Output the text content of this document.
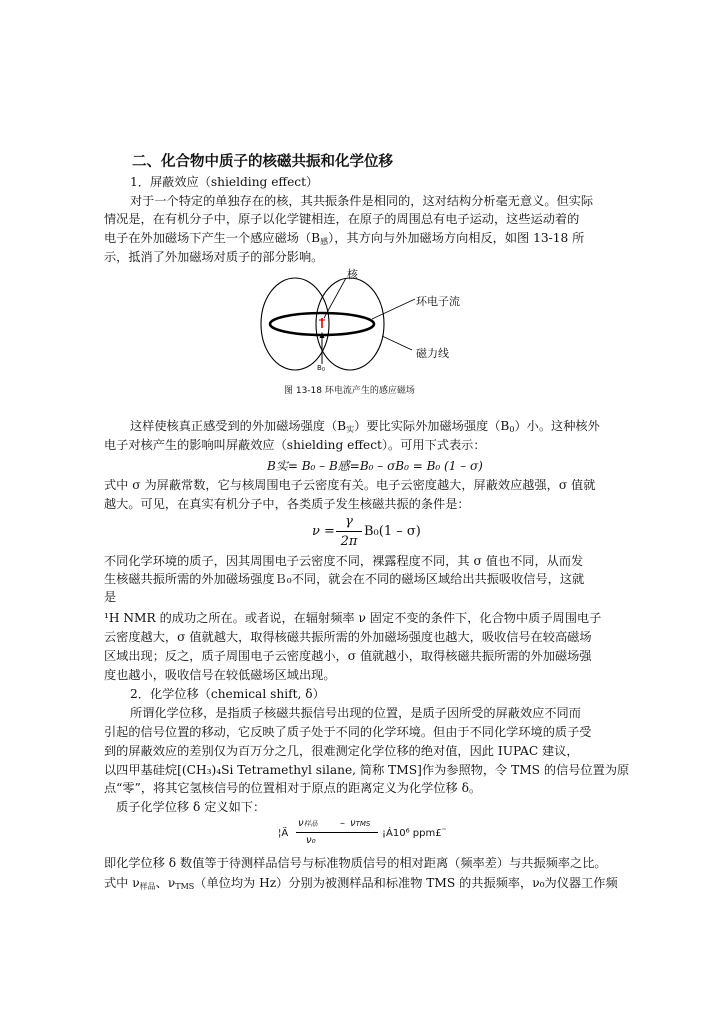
二、化合物中质子的核磁共振和化学位移
1．屏蔽效应（shielding effect）
对于一个特定的单独存在的核，其共振条件是相同的，这对结构分析毫无意义。但实际
情况是，在有机分子中，原子以化学键相连，在原子的周围总有电子运动，这些运动着的
电子在外加磁场下产生一个感应磁场$(B_感)$，其方向与外加磁场方向相反，如图 13-18 所
示，抵消了外加磁场对质子的部分影响。
核
环电子流
磁力线
B0
图 13-18 环电流产生的感应磁场
这样使核真正感受到的外加磁场强度$(B_实)$要比实际外加磁场强度$(B_0)$小。这种核外
电子对核产生的影响叫屏蔽效应（shielding effect）。可用下式表示：
B实= B₀ – B感=B₀ – σB₀ = B₀ (1 – σ)
式中 σ 为屏蔽常数，它与核周围电子云密度有关。电子云密度越大，屏蔽效应越强，σ 值就
越大。可见，在真实有机分子中，各类质子发生核磁共振的条件是：
ν =
γ
2π
B₀(1 – σ)
不同化学环境的质子，因其周围电子云密度不同，裸露程度不同，其 σ 值也不同，从而发
生核磁共振所需的外加磁场强度Ｂ₀不同，就会在不同的磁场区域给出共振吸收信号，这就
是
¹H NMR 的成功之所在。或者说，在辐射频率 ν 固定不变的条件下，化合物中质子周围电子
云密度越大，σ 值就越大，取得核磁共振所需的外加磁场强度也越大，吸收信号在较高磁场
区域出现；反之，质子周围电子云密度越小，σ 值就越小，取得核磁共振所需的外加磁场强
度也越小，吸收信号在较低磁场区域出现。
2．化学位移（chemical shift, δ）
所谓化学位移，是指质子核磁共振信号出现的位置，是质子因所受的屏蔽效应不同而
引起的信号位置的移动，它反映了质子处于不同的化学环境。但由于不同化学环境的质子受
到的屏蔽效应的差别仅为百万分之几，很难测定化学位移的绝对值，因此 IUPAC 建议，
以四甲基硅烷[(CH₃)₄Si Tetramethyl silane, 简称 TMS]作为参照物，令 TMS 的信号位置为原
点“零”，将其它氢核信号的位置相对于原点的距离定义为化学位移 δ。
质子化学位移 δ 定义如下：
¦Ä
ν样品 – νTMS
ν₀
¡Á10⁶ ppm£¨
即化学位移 δ 数值等于待测样品信号与标准物质信号的相对距离（频率差）与共振频率之比。
式中 $\nu_{样品}$、$\nu_{TMS}$（单位均为 Hz）分别为被测样品和标准物 TMS 的共振频率，ν₀为仪器工作频
